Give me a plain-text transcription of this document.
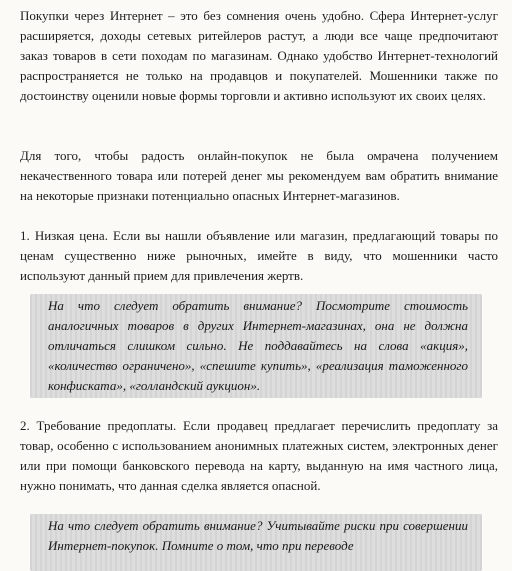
Покупки через Интернет – это без сомнения очень удобно. Сфера Интернет-услуг расширяется, доходы сетевых ритейлеров растут, а люди все чаще предпочитают заказ товаров в сети походам по магазинам. Однако удобство Интернет-технологий распространяется не только на продавцов и покупателей. Мошенники также по достоинству оценили новые формы торговли и активно используют их своих целях.

Для того, чтобы радость онлайн-покупок не была омрачена получением некачественного товара или потерей денег мы рекомендуем вам обратить внимание на некоторые признаки потенциально опасных Интернет-магазинов.

1. Низкая цена. Если вы нашли объявление или магазин, предлагающий товары по ценам существенно ниже рыночных, имейте в виду, что мошенники часто используют данный прием для привлечения жертв.

На что следует обратить внимание? Посмотрите стоимость аналогичных товаров в других Интернет-магазинах, она не должна отличаться слишком сильно. Не поддавайтесь на слова «акция», «количество ограничено», «спешите купить», «реализация таможенного конфиската», «голландский аукцион».

2. Требование предоплаты. Если продавец предлагает перечислить предоплату за товар, особенно с использованием анонимных платежных систем, электронных денег или при помощи банковского перевода на карту, выданную на имя частного лица, нужно понимать, что данная сделка является опасной.

На что следует обратить внимание? Учитывайте риски при совершении Интернет-покупок. Помните о том, что при переводе
